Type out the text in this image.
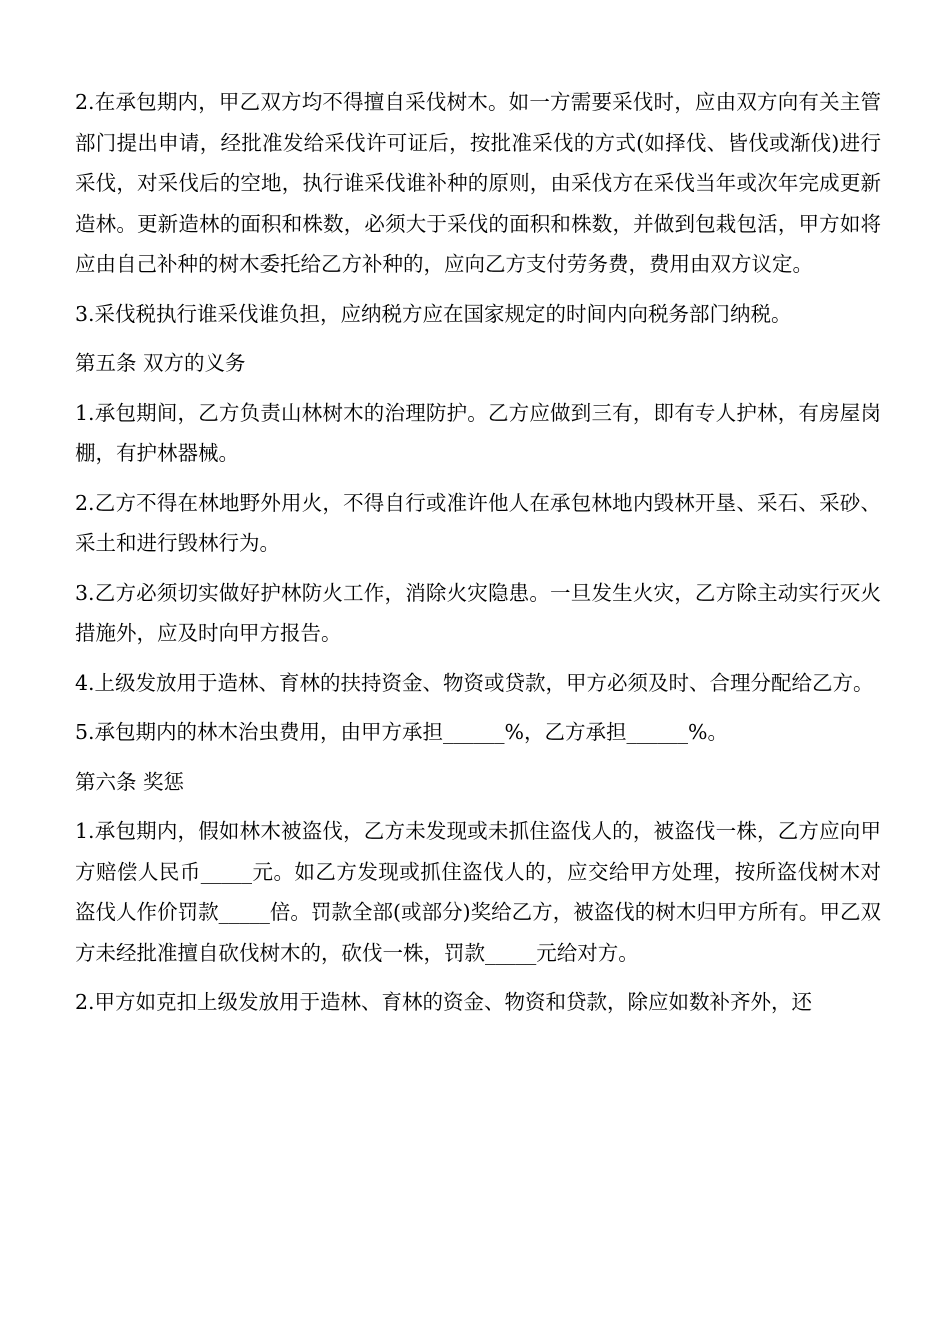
2.在承包期内，甲乙双方均不得擅自采伐树木。如一方需要采伐时，应由双方向有关主管部门提出申请，经批准发给采伐许可证后，按批准采伐的方式(如择伐、皆伐或渐伐)进行采伐，对采伐后的空地，执行谁采伐谁补种的原则，由采伐方在采伐当年或次年完成更新造林。更新造林的面积和株数，必须大于采伐的面积和株数，并做到包栽包活，甲方如将应由自己补种的树木委托给乙方补种的，应向乙方支付劳务费，费用由双方议定。

3.采伐税执行谁采伐谁负担，应纳税方应在国家规定的时间内向税务部门纳税。

第五条 双方的义务

1.承包期间，乙方负责山林树木的治理防护。乙方应做到三有，即有专人护林，有房屋岗棚，有护林器械。

2.乙方不得在林地野外用火，不得自行或准许他人在承包林地内毁林开垦、采石、采砂、采土和进行毁林行为。

3.乙方必须切实做好护林防火工作，消除火灾隐患。一旦发生火灾，乙方除主动实行灭火措施外，应及时向甲方报告。

4.上级发放用于造林、育林的扶持资金、物资或贷款，甲方必须及时、合理分配给乙方。

5.承包期内的林木治虫费用，由甲方承担______%，乙方承担______%。

第六条 奖惩

1.承包期内，假如林木被盗伐，乙方未发现或未抓住盗伐人的，被盗伐一株，乙方应向甲方赔偿人民币_____元。如乙方发现或抓住盗伐人的，应交给甲方处理，按所盗伐树木对盗伐人作价罚款_____倍。罚款全部(或部分)奖给乙方，被盗伐的树木归甲方所有。甲乙双方未经批准擅自砍伐树木的，砍伐一株，罚款_____元给对方。

2.甲方如克扣上级发放用于造林、育林的资金、物资和贷款，除应如数补齐外，还
